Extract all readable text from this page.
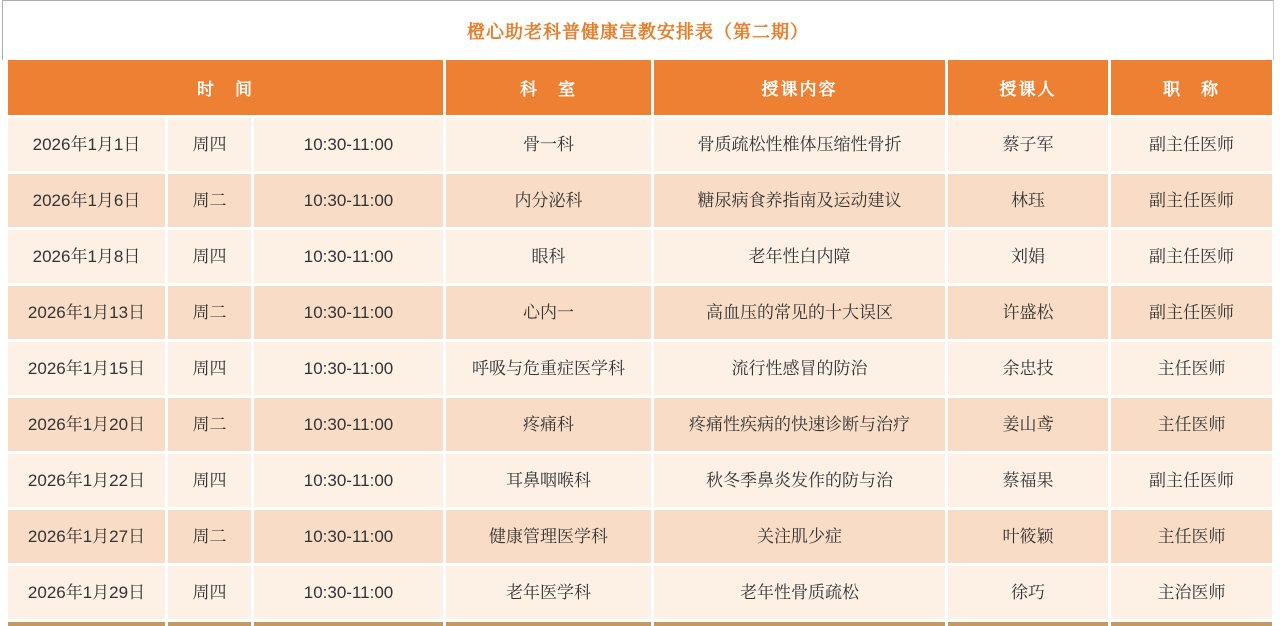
橙心助老科普健康宣教安排表（第二期）
时　间	科　室	授课内容	授课人	职　称
2026年1月1日	周四	10:30-11:00	骨一科	骨质疏松性椎体压缩性骨折	蔡子军	副主任医师
2026年1月6日	周二	10:30-11:00	内分泌科	糖尿病食养指南及运动建议	林珏	副主任医师
2026年1月8日	周四	10:30-11:00	眼科	老年性白内障	刘娟	副主任医师
2026年1月13日	周二	10:30-11:00	心内一	高血压的常见的十大误区	许盛松	副主任医师
2026年1月15日	周四	10:30-11:00	呼吸与危重症医学科	流行性感冒的防治	余忠技	主任医师
2026年1月20日	周二	10:30-11:00	疼痛科	疼痛性疾病的快速诊断与治疗	姜山鸢	主任医师
2026年1月22日	周四	10:30-11:00	耳鼻咽喉科	秋冬季鼻炎发作的防与治	蔡福果	副主任医师
2026年1月27日	周二	10:30-11:00	健康管理医学科	关注肌少症	叶筱颖	主任医师
2026年1月29日	周四	10:30-11:00	老年医学科	老年性骨质疏松	徐巧	主治医师
